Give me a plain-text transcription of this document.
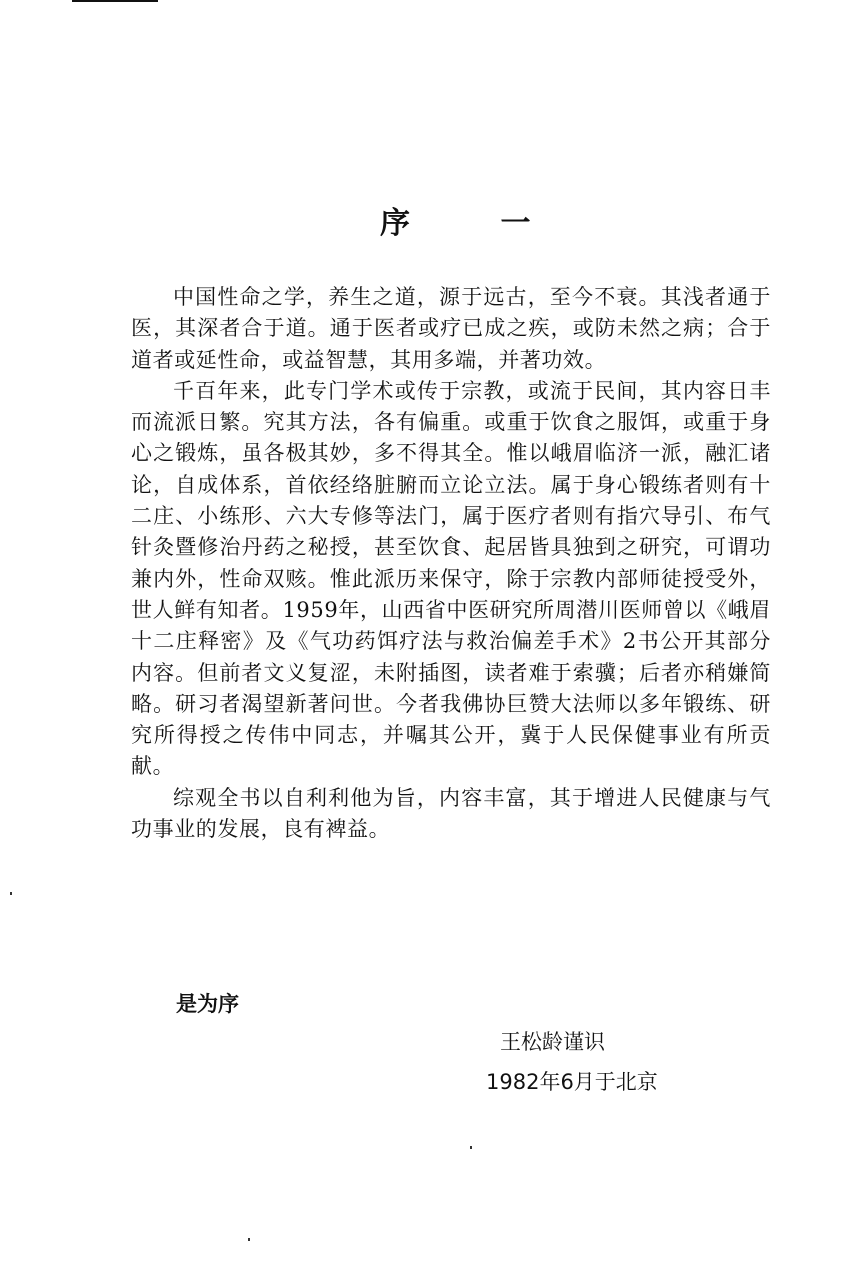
序 一

中国性命之学，养生之道，源于远古，至今不衰。其浅者通于医，其深者合于道。通于医者或疗已成之疾，或防未然之病；合于道者或延性命，或益智慧，其用多端，并著功效。

千百年来，此专门学术或传于宗教，或流于民间，其内容日丰而流派日繁。究其方法，各有偏重。或重于饮食之服饵，或重于身心之锻炼，虽各极其妙，多不得其全。惟以峨眉临济一派，融汇诸论，自成体系，首依经络脏腑而立论立法。属于身心锻练者则有十二庄、小练形、六大专修等法门，属于医疗者则有指穴导引、布气针灸暨修治丹药之秘授，甚至饮食、起居皆具独到之研究，可谓功兼内外，性命双赅。惟此派历来保守，除于宗教内部师徒授受外，世人鲜有知者。1959年，山西省中医研究所周潜川医师曾以《峨眉十二庄释密》及《气功药饵疗法与救治偏差手术》2书公开其部分内容。但前者文义复涩，未附插图，读者难于索骥；后者亦稍嫌简略。研习者渴望新著问世。今者我佛协巨赞大法师以多年锻练、研究所得授之传伟中同志，并嘱其公开，冀于人民保健事业有所贡献。

综观全书以自利利他为旨，内容丰富，其于增进人民健康与气功事业的发展，良有裨益。

是为序
王松龄谨识
1982年6月于北京
